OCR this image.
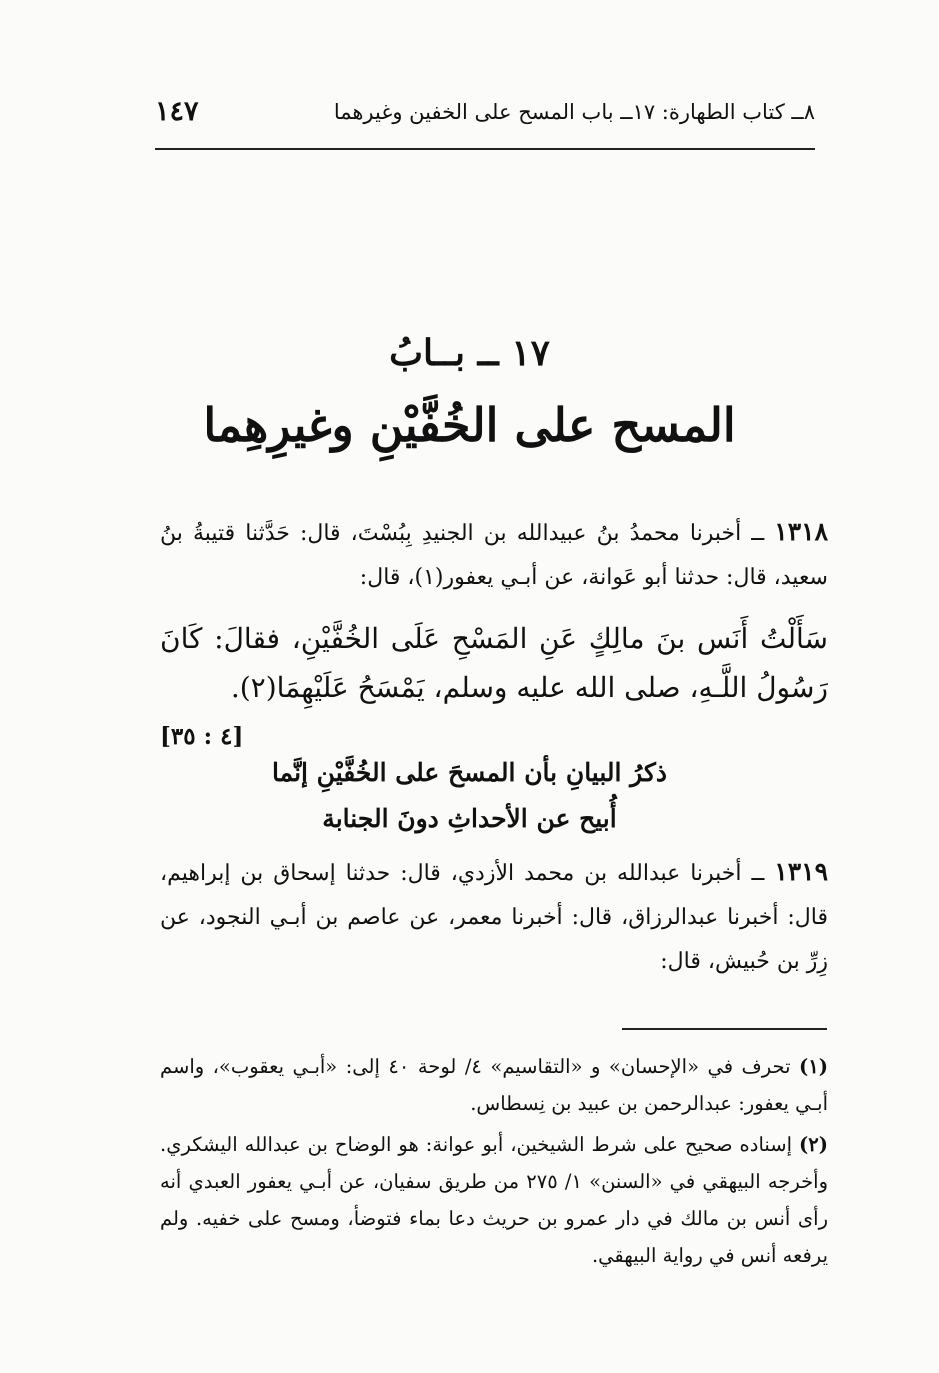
٨ــ كتاب الطهارة: ١٧ــ باب المسح على الخفين وغيرهما
١٤٧
١٧ ــ بــابُ
المسح على الخُفَّيْنِ وغيرِهِما
١٣١٨ ــ أخبرنا محمدُ بنُ عبيدالله بن الجنيدِ بِبُسْتَ، قال: حَدَّثنا قتيبةُ بنُ سعيد، قال: حدثنا أبو عَوانة، عن أبـي يعفور(١)، قال:
سَأَلْتُ أَنَس بنَ مالِكٍ عَنِ المَسْحِ عَلَى الخُفَّيْنِ، فقالَ: كَانَ رَسُولُ اللَّـهِ، صلى الله عليه وسلم، يَمْسَحُ عَلَيْهِمَا(٢).
[٤ : ٣٥]
ذكرُ البيانِ بأن المسحَ على الخُفَّيْنِ إنَّما
أُبيح عن الأحداثِ دونَ الجنابة
١٣١٩ ــ أخبرنا عبدالله بن محمد الأزدي، قال: حدثنا إسحاق بن إبراهيم، قال: أخبرنا عبدالرزاق، قال: أخبرنا معمر، عن عاصم بن أبـي النجود، عن زِرِّ بن حُبيش، قال:
(١) تحرف في «الإحسان» و «التقاسيم» ٤/ لوحة ٤٠ إلى: «أبـي يعقوب»، واسم أبـي يعفور: عبدالرحمن بن عبيد بن نِسطاس.
(٢) إسناده صحيح على شرط الشيخين، أبو عوانة: هو الوضاح بن عبدالله اليشكري. وأخرجه البيهقي في «السنن» ١/ ٢٧٥ من طريق سفيان، عن أبـي يعفور العبدي أنه رأى أنس بن مالك في دار عمرو بن حريث دعا بماء فتوضأ، ومسح على خفيه. ولم يرفعه أنس في رواية البيهقي.
